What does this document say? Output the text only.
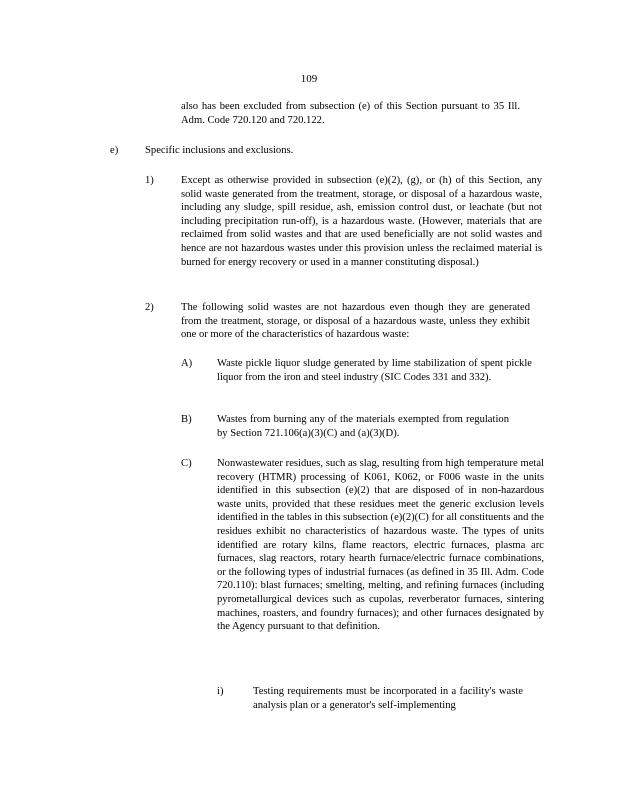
109
also has been excluded from subsection (e) of this Section pursuant to 35 Ill. Adm. Code 720.120 and 720.122.
e)	Specific inclusions and exclusions.
1)	Except as otherwise provided in subsection (e)(2), (g), or (h) of this Section, any solid waste generated from the treatment, storage, or disposal of a hazardous waste, including any sludge, spill residue, ash, emission control dust, or leachate (but not including precipitation run-off), is a hazardous waste. (However, materials that are reclaimed from solid wastes and that are used beneficially are not solid wastes and hence are not hazardous wastes under this provision unless the reclaimed material is burned for energy recovery or used in a manner constituting disposal.)
2)	The following solid wastes are not hazardous even though they are generated from the treatment, storage, or disposal of a hazardous waste, unless they exhibit one or more of the characteristics of hazardous waste:
A) Waste pickle liquor sludge generated by lime stabilization of spent pickle liquor from the iron and steel industry (SIC Codes 331 and 332).
B) Wastes from burning any of the materials exempted from regulation by Section 721.106(a)(3)(C) and (a)(3)(D).
C) Nonwastewater residues, such as slag, resulting from high temperature metal recovery (HTMR) processing of K061, K062, or F006 waste in the units identified in this subsection (e)(2) that are disposed of in non-hazardous waste units, provided that these residues meet the generic exclusion levels identified in the tables in this subsection (e)(2)(C) for all constituents and the residues exhibit no characteristics of hazardous waste. The types of units identified are rotary kilns, flame reactors, electric furnaces, plasma arc furnaces, slag reactors, rotary hearth furnace/electric furnace combinations, or the following types of industrial furnaces (as defined in 35 Ill. Adm. Code 720.110): blast furnaces; smelting, melting, and refining furnaces (including pyrometallurgical devices such as cupolas, reverberator furnaces, sintering machines, roasters, and foundry furnaces); and other furnaces designated by the Agency pursuant to that definition.
i)	Testing requirements must be incorporated in a facility's waste analysis plan or a generator's self-implementing
